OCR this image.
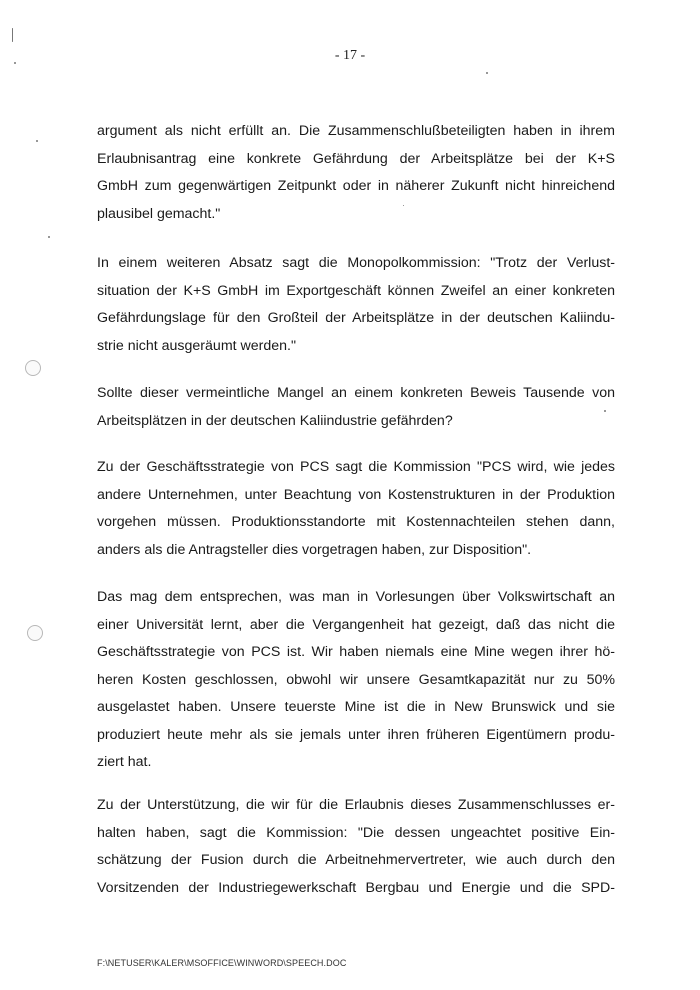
- 17 -
argument als nicht erfüllt an. Die Zusammenschlußbeteiligten haben in ihrem
Erlaubnisantrag eine konkrete Gefährdung der Arbeitsplätze bei der K+S
GmbH zum gegenwärtigen Zeitpunkt oder in näherer Zukunft nicht hinreichend
plausibel gemacht."
In einem weiteren Absatz sagt die Monopolkommission: "Trotz der Verlust-
situation der K+S GmbH im Exportgeschäft können Zweifel an einer konkreten
Gefährdungslage für den Großteil der Arbeitsplätze in der deutschen Kaliindu-
strie nicht ausgeräumt werden."
Sollte dieser vermeintliche Mangel an einem konkreten Beweis Tausende von
Arbeitsplätzen in der deutschen Kaliindustrie gefährden?
Zu der Geschäftsstrategie von PCS sagt die Kommission "PCS wird, wie jedes
andere Unternehmen, unter Beachtung von Kostenstrukturen in der Produktion
vorgehen müssen. Produktionsstandorte mit Kostennachteilen stehen dann,
anders als die Antragsteller dies vorgetragen haben, zur Disposition".
Das mag dem entsprechen, was man in Vorlesungen über Volkswirtschaft an
einer Universität lernt, aber die Vergangenheit hat gezeigt, daß das nicht die
Geschäftsstrategie von PCS ist. Wir haben niemals eine Mine wegen ihrer hö-
heren Kosten geschlossen, obwohl wir unsere Gesamtkapazität nur zu 50%
ausgelastet haben. Unsere teuerste Mine ist die in New Brunswick und sie
produziert heute mehr als sie jemals unter ihren früheren Eigentümern produ-
ziert hat.
Zu der Unterstützung, die wir für die Erlaubnis dieses Zusammenschlusses er-
halten haben, sagt die Kommission: "Die dessen ungeachtet positive Ein-
schätzung der Fusion durch die Arbeitnehmervertreter, wie auch durch den
Vorsitzenden der Industriegewerkschaft Bergbau und Energie und die SPD-
F:\NETUSER\KALER\MSOFFICE\WINWORD\SPEECH.DOC
